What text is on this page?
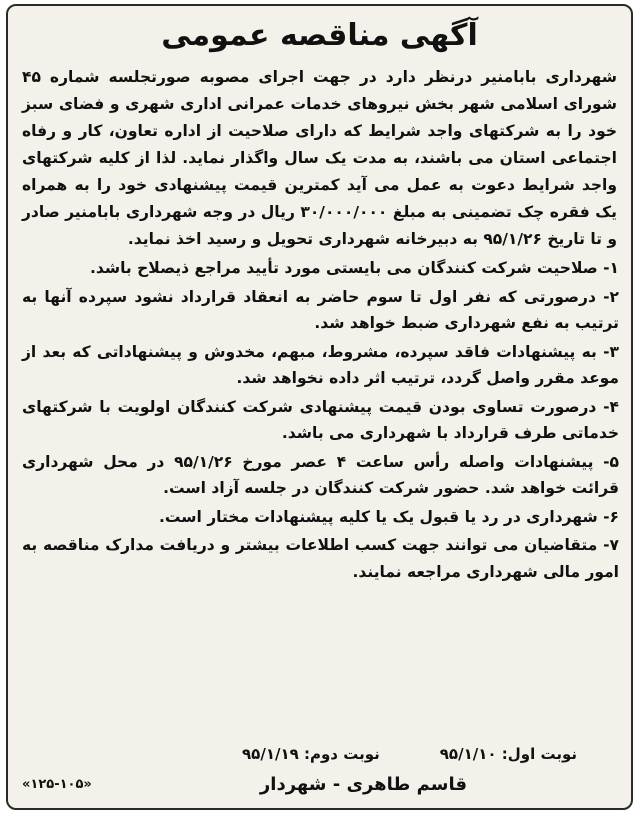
آگهی مناقصه عمومی
شهرداری بابامنیر درنظر دارد در جهت اجرای مصوبه صورتجلسه شماره ۴۵ شورای اسلامی شهر بخش نیروهای خدمات عمرانی اداری شهری و فضای سبز خود را به شرکتهای واجد شرایط که دارای صلاحیت از اداره تعاون، کار و رفاه اجتماعی استان می باشند، به مدت یک سال واگذار نماید. لذا از کلیه شرکتهای واجد شرایط دعوت به عمل می آید کمترین قیمت پیشنهادی خود را به همراه یک فقره چک تضمینی به مبلغ ۳۰/۰۰۰/۰۰۰ ریال در وجه شهرداری بابامنیر صادر و تا تاریخ ۹۵/۱/۲۶ به دبیرخانه شهرداری تحویل و رسید اخذ نماید.
۱- صلاحیت شرکت کنندگان می بایستی مورد تأیید مراجع ذیصلاح باشد.
۲- درصورتی که نفر اول تا سوم حاضر به انعقاد قرارداد نشود سپرده آنها به ترتیب به نفع شهرداری ضبط خواهد شد.
۳- به پیشنهادات فاقد سپرده، مشروط، مبهم، مخدوش و پیشنهاداتی که بعد از موعد مقرر واصل گردد، ترتیب اثر داده نخواهد شد.
۴- درصورت تساوی بودن قیمت پیشنهادی شرکت کنندگان اولویت با شرکتهای خدماتی طرف قرارداد با شهرداری می باشد.
۵- پیشنهادات واصله رأس ساعت ۴ عصر مورخ ۹۵/۱/۲۶ در محل شهرداری قرائت خواهد شد. حضور شرکت کنندگان در جلسه آزاد است.
۶- شهرداری در رد یا قبول یک یا کلیه پیشنهادات مختار است.
۷- متقاضیان می توانند جهت کسب اطلاعات بیشتر و دریافت مدارک مناقصه به امور مالی شهرداری مراجعه نمایند.
نوبت اول: ۹۵/۱/۱۰
نوبت دوم: ۹۵/۱/۱۹
قاسم طاهری - شهردار
«۱۲۵-۱۰۵»
